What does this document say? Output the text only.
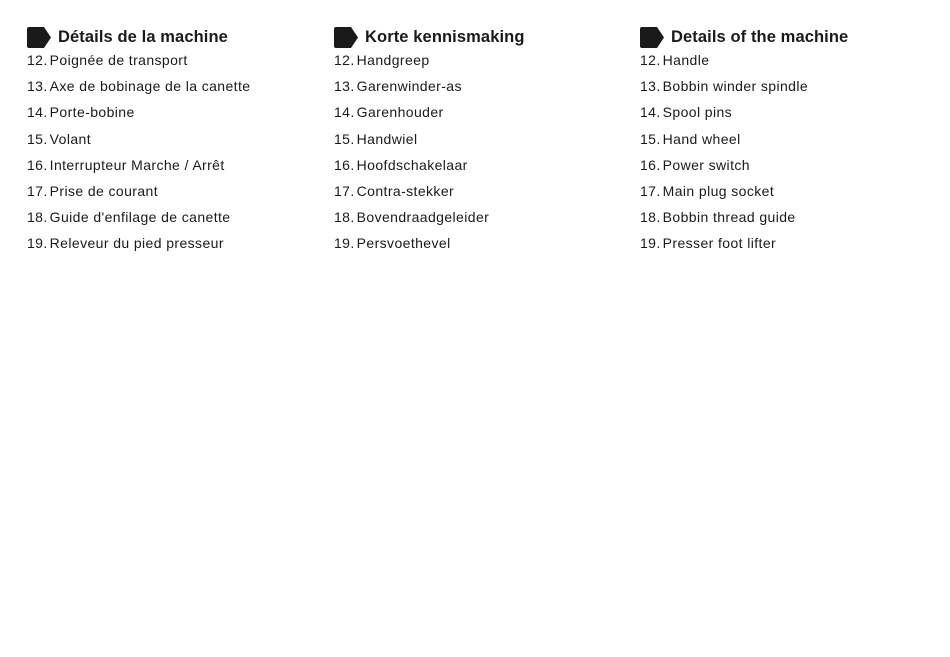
Détails de la machine
12. Poignée de transport
13. Axe de bobinage de la canette
14. Porte-bobine
15. Volant
16. Interrupteur Marche / Arrêt
17. Prise de courant
18. Guide d'enfilage de canette
19. Releveur du pied presseur
Korte kennismaking
12. Handgreep
13. Garenwinder-as
14. Garenhouder
15. Handwiel
16. Hoofdschakelaar
17. Contra-stekker
18. Bovendraadgeleider
19. Persvoethevel
Details of the machine
12. Handle
13. Bobbin winder spindle
14. Spool pins
15. Hand wheel
16. Power switch
17. Main plug socket
18. Bobbin thread guide
19. Presser foot lifter
